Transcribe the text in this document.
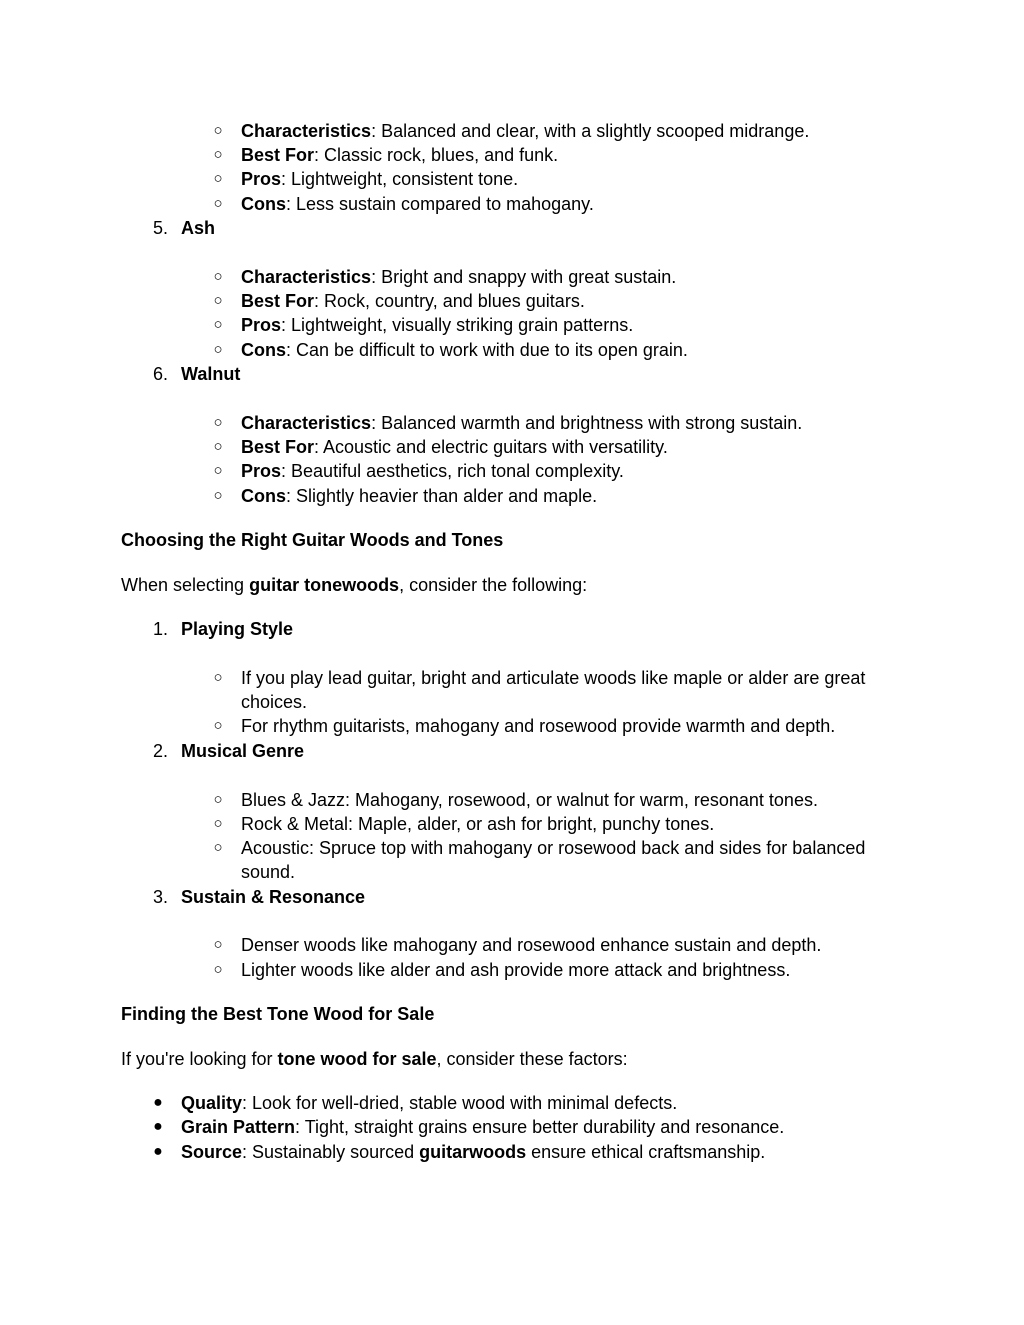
○ Characteristics: Balanced and clear, with a slightly scooped midrange.
○ Best For: Classic rock, blues, and funk.
○ Pros: Lightweight, consistent tone.
○ Cons: Less sustain compared to mahogany.
5. Ash
○ Characteristics: Bright and snappy with great sustain.
○ Best For: Rock, country, and blues guitars.
○ Pros: Lightweight, visually striking grain patterns.
○ Cons: Can be difficult to work with due to its open grain.
6. Walnut
○ Characteristics: Balanced warmth and brightness with strong sustain.
○ Best For: Acoustic and electric guitars with versatility.
○ Pros: Beautiful aesthetics, rich tonal complexity.
○ Cons: Slightly heavier than alder and maple.
Choosing the Right Guitar Woods and Tones
When selecting guitar tonewoods, consider the following:
1. Playing Style
○ If you play lead guitar, bright and articulate woods like maple or alder are great
choices.
○ For rhythm guitarists, mahogany and rosewood provide warmth and depth.
2. Musical Genre
○ Blues & Jazz: Mahogany, rosewood, or walnut for warm, resonant tones.
○ Rock & Metal: Maple, alder, or ash for bright, punchy tones.
○ Acoustic: Spruce top with mahogany or rosewood back and sides for balanced
sound.
3. Sustain & Resonance
○ Denser woods like mahogany and rosewood enhance sustain and depth.
○ Lighter woods like alder and ash provide more attack and brightness.
Finding the Best Tone Wood for Sale
If you're looking for tone wood for sale, consider these factors:
● Quality: Look for well-dried, stable wood with minimal defects.
● Grain Pattern: Tight, straight grains ensure better durability and resonance.
● Source: Sustainably sourced guitarwoods ensure ethical craftsmanship.
